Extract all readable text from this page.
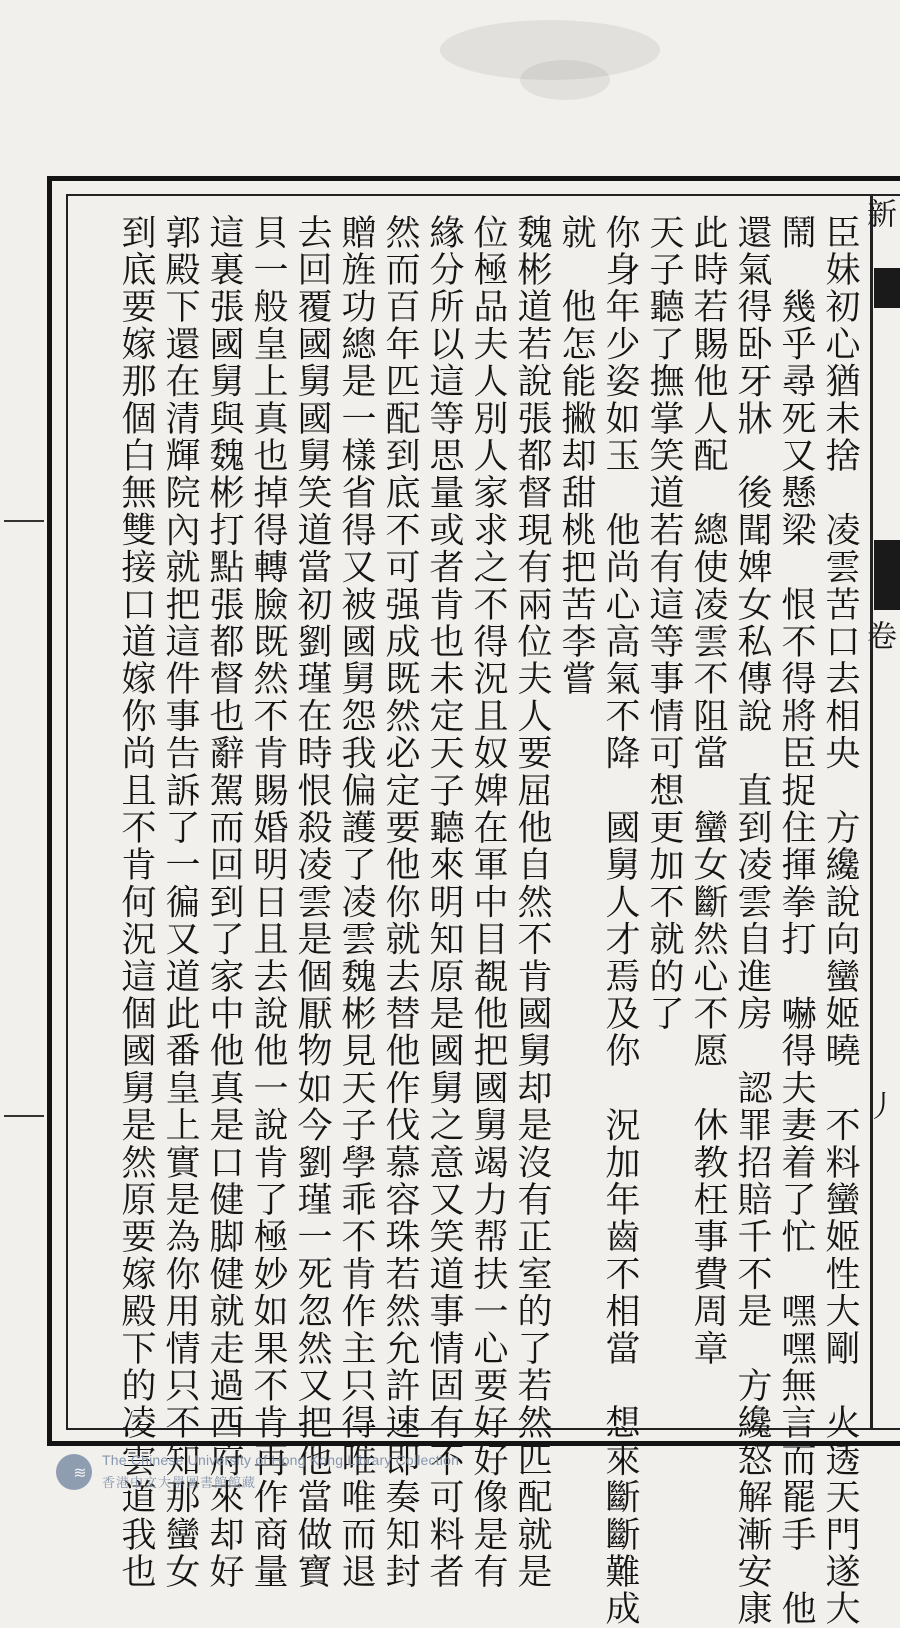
新
卷
丿
臣妹初心猶未捨　凌雲苦口去相央　方纔說向蠻姬曉　不料蠻姬性大剛　火透天門遂大
鬧　幾乎尋死又懸梁　恨不得將臣捉住揮拳打　嚇得夫妻着了忙　嘿嘿無言而罷手　他
還氣得卧牙牀　後聞婢女私傳說　直到凌雲自進房　認罪招賠千不是　方纔怒解漸安康
此時若賜他人配　總使凌雲不阻當　蠻女斷然心不愿　休教枉事費周章
天子聽了撫掌笑道若有這等事情可想更加不就的了
你身年少姿如玉　他尚心高氣不降　國舅人才焉及你　況加年齒不相當　想來斷斷難成
就　他怎能撇却甜桃把苦李嘗
魏彬道若說張都督現有兩位夫人要屈他自然不肯國舅却是沒有正室的了若然匹配就是
位極品夫人別人家求之不得況且奴婢在軍中目覩他把國舅竭力帮扶一心要好好像是有
緣分所以這等思量或者肯也未定天子聽來明知原是國舅之意又笑道事情固有不可料者
然而百年匹配到底不可强成既然必定要他你就去替他作伐慕容珠若然允許速即奏知封
贈旌功總是一樣省得又被國舅怨我偏護了凌雲魏彬見天子學乖不肯作主只得唯唯而退
去回覆國舅國舅笑道當初劉瑾在時恨殺凌雲是個厭物如今劉瑾一死忽然又把他當做寶
貝一般皇上真也掉得轉臉既然不肯賜婚明日且去說他一說肯了極妙如果不肯再作商量
這裏張國舅與魏彬打點張都督也辭駕而回到了家中他真是口健脚健就走過西府來却好
郭殿下還在清輝院內就把這件事告訴了一徧又道此番皇上實是為你用情只不知那蠻女
到底要嫁那個白無雙接口道嫁你尚且不肯何況這個國舅是然原要嫁殿下的凌雲道我也
≋
The Chinese University of Hong Kong Library Collection
香港中文大學圖書館館藏
